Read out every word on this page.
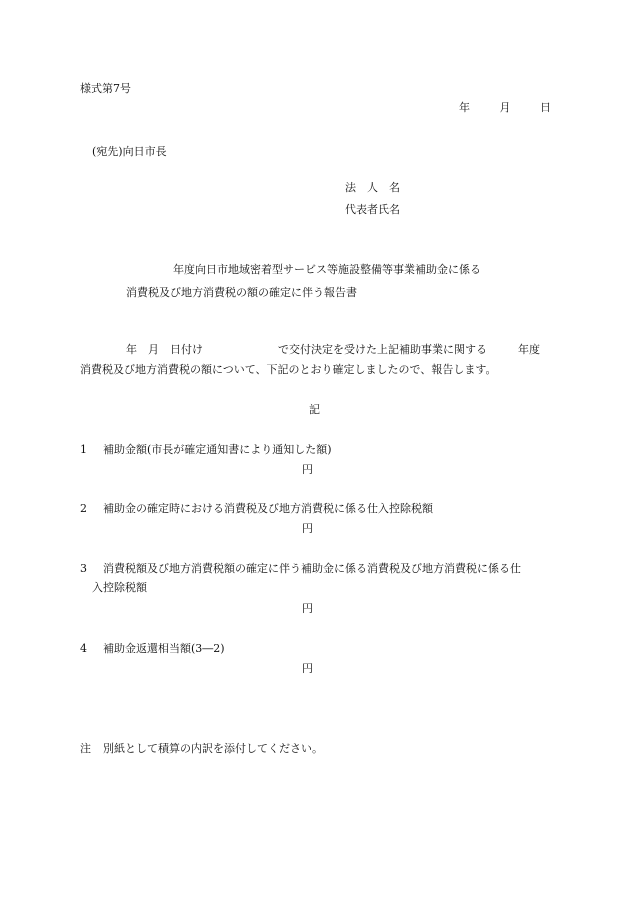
様式第7号
年	月	日
(宛先)向日市長
法　人　名
代表者氏名
年度向日市地域密着型サービス等施設整備等事業補助金に係る
消費税及び地方消費税の額の確定に伴う報告書
年　月　日付け	で交付決定を受けた上記補助事業に関する	年度
消費税及び地方消費税の額について、下記のとおり確定しましたので、報告します。
記
1 補助金額(市長が確定通知書により通知した額)
円
2 補助金の確定時における消費税及び地方消費税に係る仕入控除税額
円
3 消費税額及び地方消費税額の確定に伴う補助金に係る消費税及び地方消費税に係る仕
入控除税額
円
4 補助金返還相当額(3―2)
円
注 別紙として積算の内訳を添付してください。
